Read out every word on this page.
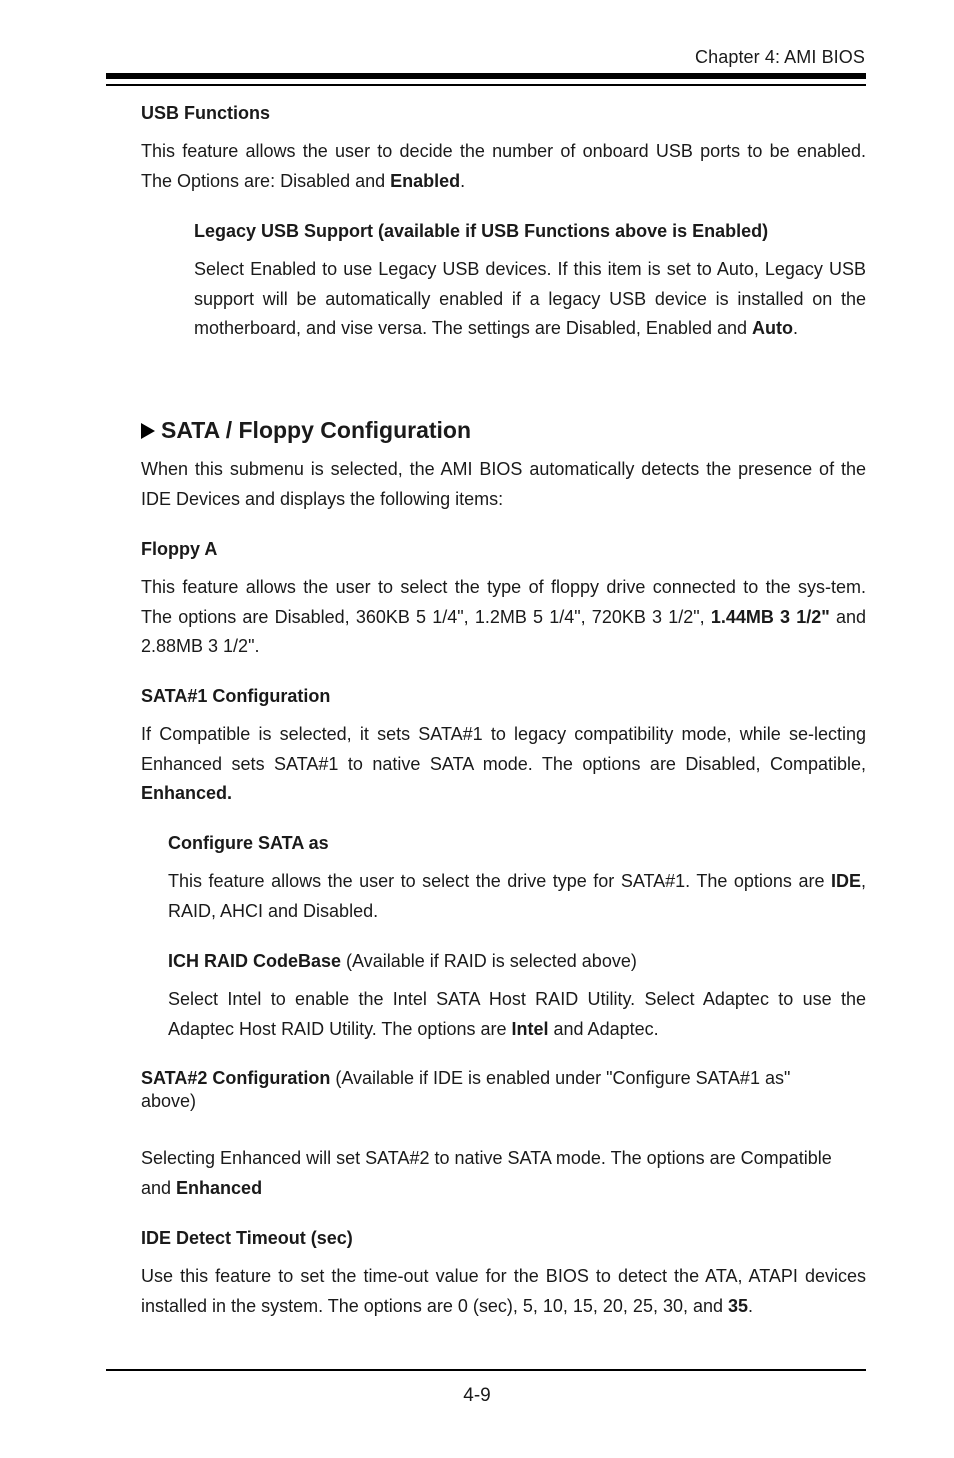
Chapter 4: AMI BIOS
USB Functions

This feature allows the user to decide the number of onboard USB ports to be enabled. The Options are: Disabled and Enabled.

Legacy USB Support (available if USB Functions above is Enabled)

Select Enabled to use Legacy USB devices. If this item is set to Auto, Legacy USB support will be automatically enabled if a legacy USB device is installed on the motherboard, and vise versa. The settings are Disabled, Enabled and Auto.

SATA / Floppy Configuration

When this submenu is selected, the AMI BIOS automatically detects the presence of the IDE Devices and displays the following items:

Floppy A

This feature allows the user to select the type of floppy drive connected to the sys-tem. The options are Disabled, 360KB 5 1/4", 1.2MB 5 1/4", 720KB 3 1/2", 1.44MB 3 1/2" and 2.88MB 3 1/2".

SATA#1 Configuration

If Compatible is selected, it sets SATA#1 to legacy compatibility mode, while se-lecting Enhanced sets SATA#1 to native SATA mode. The options are Disabled, Compatible, Enhanced.

Configure SATA as

This feature allows the user to select the drive type for SATA#1. The options are IDE, RAID, AHCI and Disabled.

ICH RAID CodeBase (Available if RAID is selected above)

Select Intel to enable the Intel SATA Host RAID Utility. Select Adaptec to use the Adaptec Host RAID Utility. The options are Intel and Adaptec.

SATA#2 Configuration (Available if IDE is enabled under "Configure SATA#1 as" above)

Selecting Enhanced will set SATA#2 to native SATA mode. The options are Compatible and Enhanced

IDE Detect Timeout (sec)

Use this feature to set the time-out value for the BIOS to detect the ATA, ATAPI devices installed in the system. The options are 0 (sec), 5, 10, 15, 20, 25, 30, and 35.

4-9
